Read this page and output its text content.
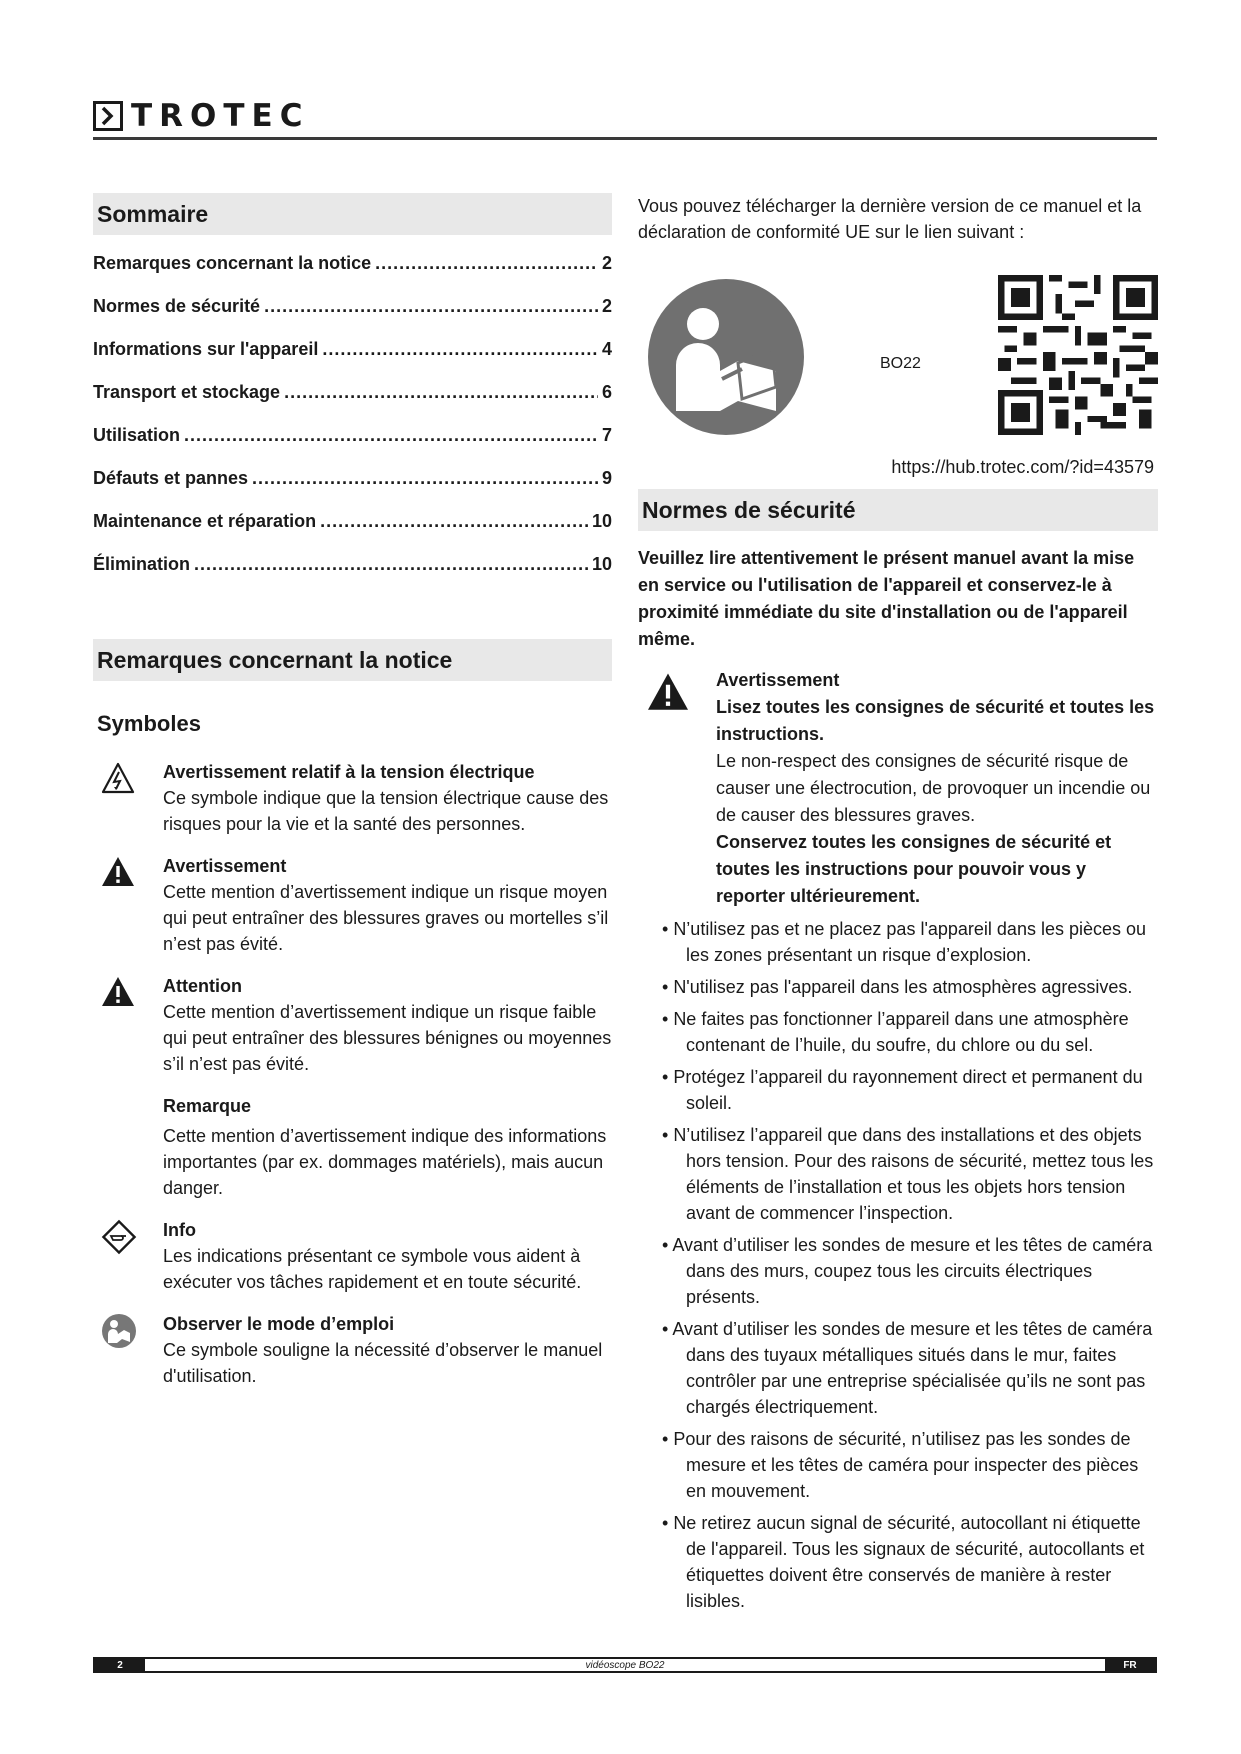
TROTEC
Sommaire
Remarques concernant la notice .....	2
Normes de sécurité .....	2
Informations sur l'appareil .....	4
Transport et stockage .....	6
Utilisation .....	7
Défauts et pannes .....	9
Maintenance et réparation .....	10
Élimination .....	10
Remarques concernant la notice
Symboles
Avertissement relatif à la tension électrique
Ce symbole indique que la tension électrique cause des risques pour la vie et la santé des personnes.
Avertissement
Cette mention d’avertissement indique un risque moyen qui peut entraîner des blessures graves ou mortelles s’il n’est pas évité.
Attention
Cette mention d’avertissement indique un risque faible qui peut entraîner des blessures bénignes ou moyennes s’il n’est pas évité.
Remarque
Cette mention d’avertissement indique des informations importantes (par ex. dommages matériels), mais aucun danger.
Info
Les indications présentant ce symbole vous aident à exécuter vos tâches rapidement et en toute sécurité.
Observer le mode d’emploi
Ce symbole souligne la nécessité d’observer le manuel d'utilisation.
Vous pouvez télécharger la dernière version de ce manuel et la déclaration de conformité UE sur le lien suivant :
BO22
https://hub.trotec.com/?id=43579
Normes de sécurité
Veuillez lire attentivement le présent manuel avant la mise en service ou l'utilisation de l'appareil et conservez-le à proximité immédiate du site d'installation ou de l'appareil même.
Avertissement
Lisez toutes les consignes de sécurité et toutes les instructions.
Le non-respect des consignes de sécurité risque de causer une électrocution, de provoquer un incendie ou de causer des blessures graves.
Conservez toutes les consignes de sécurité et toutes les instructions pour pouvoir vous y reporter ultérieurement.
• N’utilisez pas et ne placez pas l'appareil dans les pièces ou les zones présentant un risque d’explosion.
• N'utilisez pas l'appareil dans les atmosphères agressives.
• Ne faites pas fonctionner l’appareil dans une atmosphère contenant de l’huile, du soufre, du chlore ou du sel.
• Protégez l’appareil du rayonnement direct et permanent du soleil.
• N’utilisez l’appareil que dans des installations et des objets hors tension. Pour des raisons de sécurité, mettez tous les éléments de l’installation et tous les objets hors tension avant de commencer l’inspection.
• Avant d’utiliser les sondes de mesure et les têtes de caméra dans des murs, coupez tous les circuits électriques présents.
• Avant d’utiliser les sondes de mesure et les têtes de caméra dans des tuyaux métalliques situés dans le mur, faites contrôler par une entreprise spécialisée qu’ils ne sont pas chargés électriquement.
• Pour des raisons de sécurité, n’utilisez pas les sondes de mesure et les têtes de caméra pour inspecter des pièces en mouvement.
• Ne retirez aucun signal de sécurité, autocollant ni étiquette de l'appareil. Tous les signaux de sécurité, autocollants et étiquettes doivent être conservés de manière à rester lisibles.
2	vidéoscope BO22	FR
